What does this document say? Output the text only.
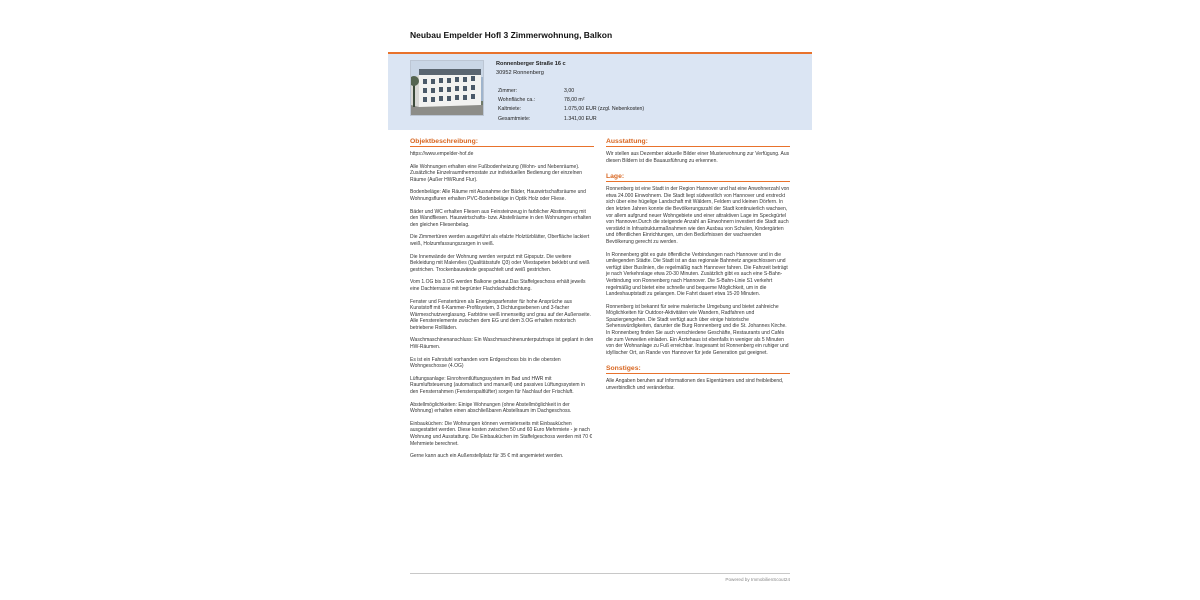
Neubau Empelder Hofl 3 Zimmerwohnung, Balkon
Ronnenberger Straße 16 c
30952 Ronnenberg
Zimmer:	3,00
Wohnfläche ca.:	78,00 m²
Kaltmiete:	1.075,00 EUR (zzgl. Nebenkosten)
Gesamtmiete:	1.341,00 EUR
Objektbeschreibung:

https://www.empelder-hof.de

Alle Wohnungen erhalten eine Fußbodenheizung (Wohn- und Nebenräume). Zusätzliche Einzelraumthermostate zur individuellen Bedienung der einzelnen Räume (Außer HWRund Flur).

Bodenbeläge: Alle Räume mit Ausnahme der Bäder, Hauswirtschaftsräume und Wohnungsfluren erhalten PVC-Bodenbeläge in Optik Holz oder Fliese.

Bäder und WC erhalten Fliesen aus Feinsteinzeug in farblicher Abstimmung mit den Wandfliesen. Hauswirtschafts- bzw. Abstellräume in den Wohnungen erhalten den gleichen Fliesenbelag.

Die Zimmertüren werden ausgeführt als efalzte Holztürblätter, Oberfläche lackiert weiß, Holzumfassungszargen in weiß.

Die Innenwände der Wohnung werden verputzt mit Gipsputz. Die weitere Bekleidung mit Malervlies (Qualitätsstufe Q3) oder Vliestapeten beklebt und weiß gestrichen. Trockenbauwände gespachtelt und weiß gestrichen.

Vom 1.OG bis 3.OG werden Balkone gebaut.Das Staffelgeschoss erhält jeweils eine Dachterrasse mit begrünter Flachdachabdichtung.

Fenster und Fenstertüren als Energiesparfenster für hohe Ansprüche aus Kunststoff mit 6-Kammer-Profilsystem, 3 Dichtungsebenen und 3-facher Wärmeschutzverglasung. Farbtöne weiß innenseitig und grau auf der Außenseite. Alle Fensterelemente zwischen dem EG und dem 3.OG erhalten motorisch betriebene Rollläden.

Waschmaschinenanschluss: Ein Waschmaschinenunterputztraps ist geplant in den HW-Räumen.

Es ist ein Fahrstuhl vorhanden vom Erdgeschoss bis in die obersten Wohngeschosse (4.OG)

Lüftungsanlage: Einrohrentlüftungssystem im Bad und HWR mit Raumluftsteuerung (automatisch und manuell) und passives Lüftungssystem in den Fensterrahmen (Fensterspaltlüfter) sorgen für Nachlauf der Frischluft.

Abstellmöglichkeiten: Einige Wohnungen (ohne Abstellmöglichkeit in der Wohnung) erhalten einen abschließbaren Abstellraum im Dachgeschoss.

Einbauküchen: Die Wohnungen können vermieterseits mit Einbauküchen ausgestattet werden. Diese kosten zwischen 50 und 60 Euro Mehrmiete - je nach Wohnung und Ausstattung. Die Einbauküchen im Staffelgeschoss werden mit 70 € Mehrmiete berechnet.

Gerne kann auch ein Außenstellplatz für 35 € mit angemietet werden.

Ausstattung:

Wir stellen aus Dezember aktuelle Bilder einer Musterwohnung zur Verfügung. Aus diesen Bildern ist die Bauausführung zu erkennen.

Lage:

Ronnenberg ist eine Stadt in der Region Hannover und hat eine Anwohnerzahl von etwa 24.000 Einwohnern. Die Stadt liegt südwestlich von Hannover und erstreckt sich über eine hügelige Landschaft mit Wäldern, Feldern und kleinen Dörfern. In den letzten Jahren konnte die Bevölkerungszahl der Stadt kontinuierlich wachsen, vor allem aufgrund neuer Wohngebiete und einer attraktiven Lage im Speckgürtel von Hannover.Durch die steigende Anzahl an Einwohnern investiert die Stadt auch verstärkt in Infrastrukturmaßnahmen wie den Ausbau von Schulen, Kindergärten und öffentlichen Einrichtungen, um den Bedürfnissen der wachsenden Bevölkerung gerecht zu werden.

In Ronnenberg gibt es gute öffentliche Verbindungen nach Hannover und in die umliegenden Städte. Die Stadt ist an das regionale Bahnnetz angeschlossen und verfügt über Buslinien, die regelmäßig nach Hannover fahren. Die Fahrzeit beträgt je nach Verkehrslage etwa 20-30 Minuten. Zusätzlich gibt es auch eine S-Bahn-Verbindung von Ronnenberg nach Hannover. Die S-Bahn-Linie S1 verkehrt regelmäßig und bietet eine schnelle und bequeme Möglichkeit, um in die Landeshauptstadt zu gelangen. Die Fahrt dauert etwa 15-20 Minuten.

Ronnenberg ist bekannt für seine malerische Umgebung und bietet zahlreiche Möglichkeiten für Outdoor-Aktivitäten wie Wandern, Radfahren und Spaziergengehen. Die Stadt verfügt auch über einige historische Sehenswürdigkeiten, darunter die Burg Ronnenberg und die St. Johannes Kirche. In Ronnenberg finden Sie auch verschiedene Geschäfte, Restaurants und Cafés die zum Verweilen einladen. Ein Ärztehaus ist ebenfalls in weniger als 5 Minuten von der Wohnanlage zu Fuß erreichbar. Insgesamt ist Ronnenberg ein ruhiger und idyllischer Ort, an Rande von Hannover für jede Generation gut geeignet.

Sonstiges:

Alle Angaben beruhen auf Informationen des Eigentümers und sind freibleibend, unverbindlich und veränderbar.

Powered by ImmobilienScout24
